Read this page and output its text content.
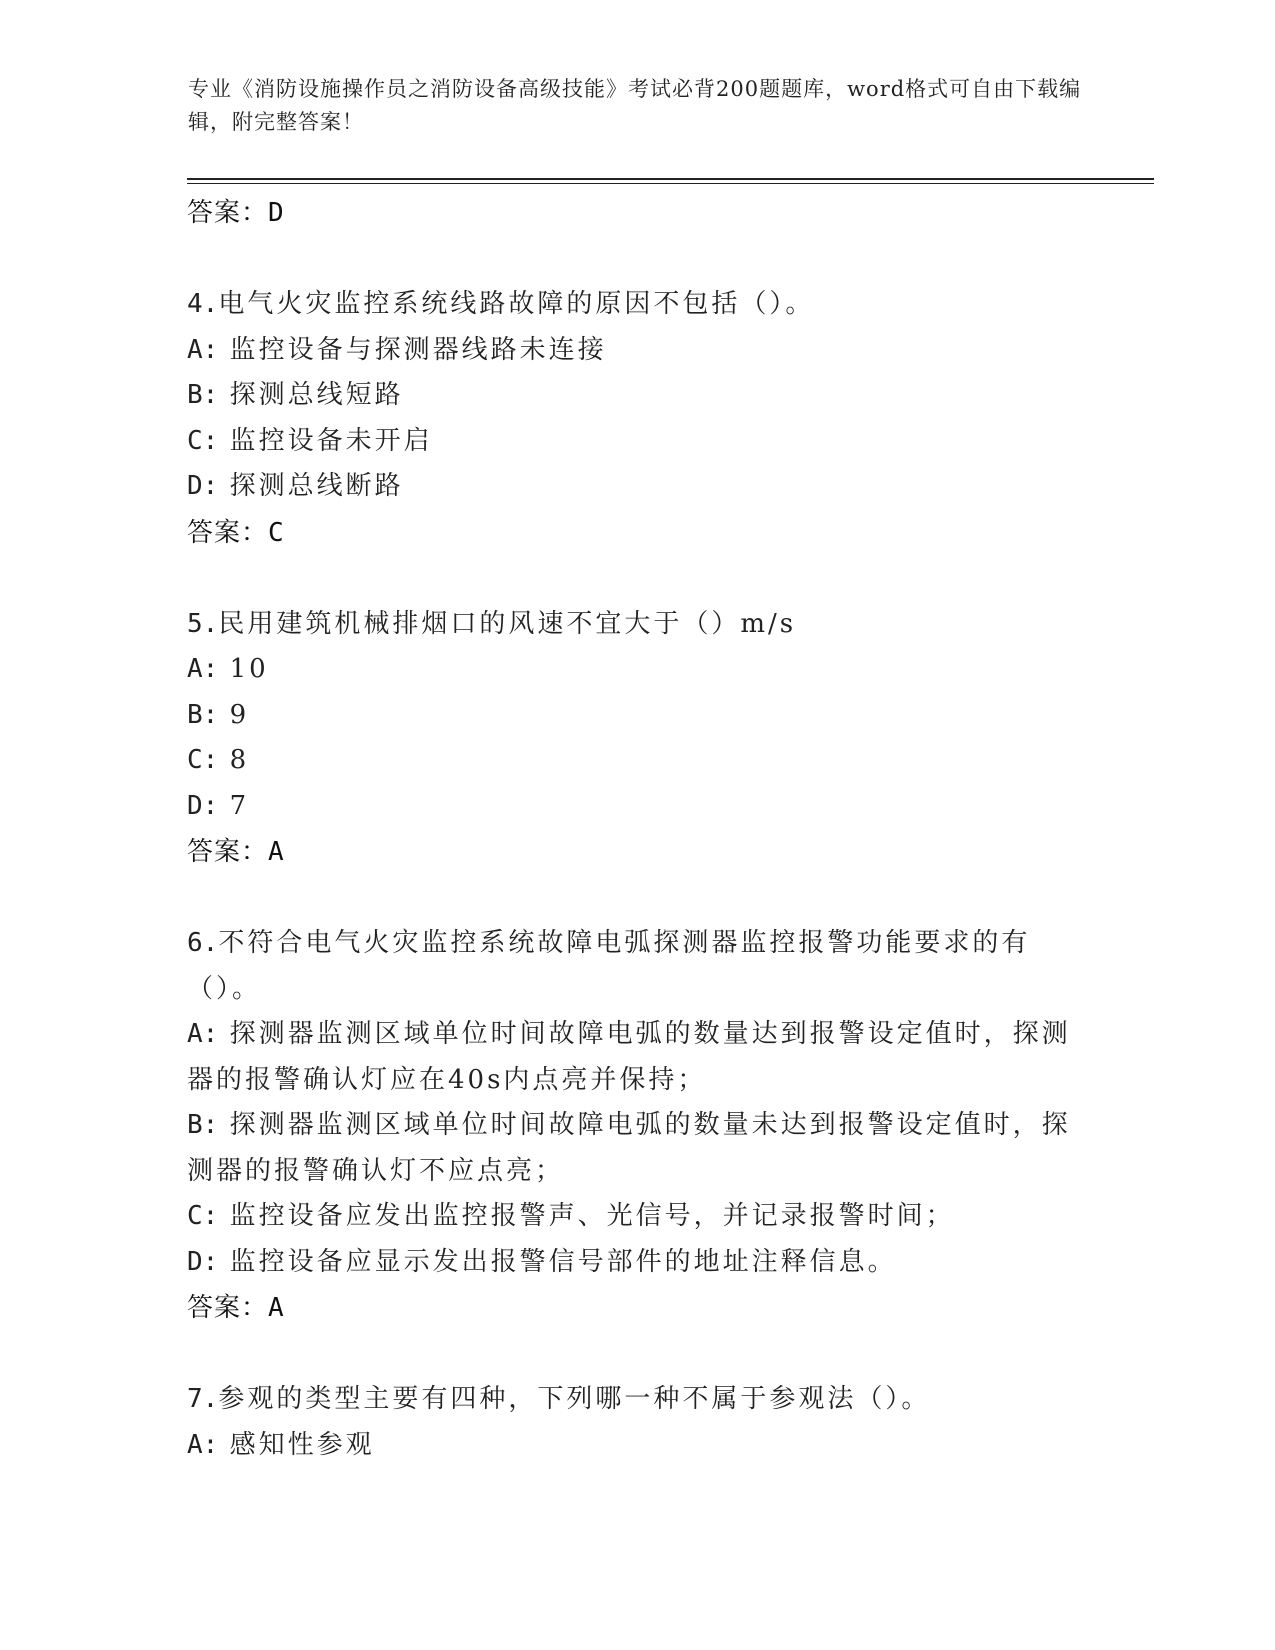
专业《消防设施操作员之消防设备高级技能》考试必背200题题库，word格式可自由下载编辑，附完整答案！
答案：D
4.电气火灾监控系统线路故障的原因不包括（）。
A: 监控设备与探测器线路未连接
B: 探测总线短路
C: 监控设备未开启
D: 探测总线断路
答案：C
5.民用建筑机械排烟口的风速不宜大于（）m/s
A: 10
B: 9
C: 8
D: 7
答案：A
6.不符合电气火灾监控系统故障电弧探测器监控报警功能要求的有（）。
A: 探测器监测区域单位时间故障电弧的数量达到报警设定值时，探测器的报警确认灯应在40s内点亮并保持；
B: 探测器监测区域单位时间故障电弧的数量未达到报警设定值时，探测器的报警确认灯不应点亮；
C: 监控设备应发出监控报警声、光信号，并记录报警时间；
D: 监控设备应显示发出报警信号部件的地址注释信息。
答案：A
7.参观的类型主要有四种，下列哪一种不属于参观法（）。
A: 感知性参观
